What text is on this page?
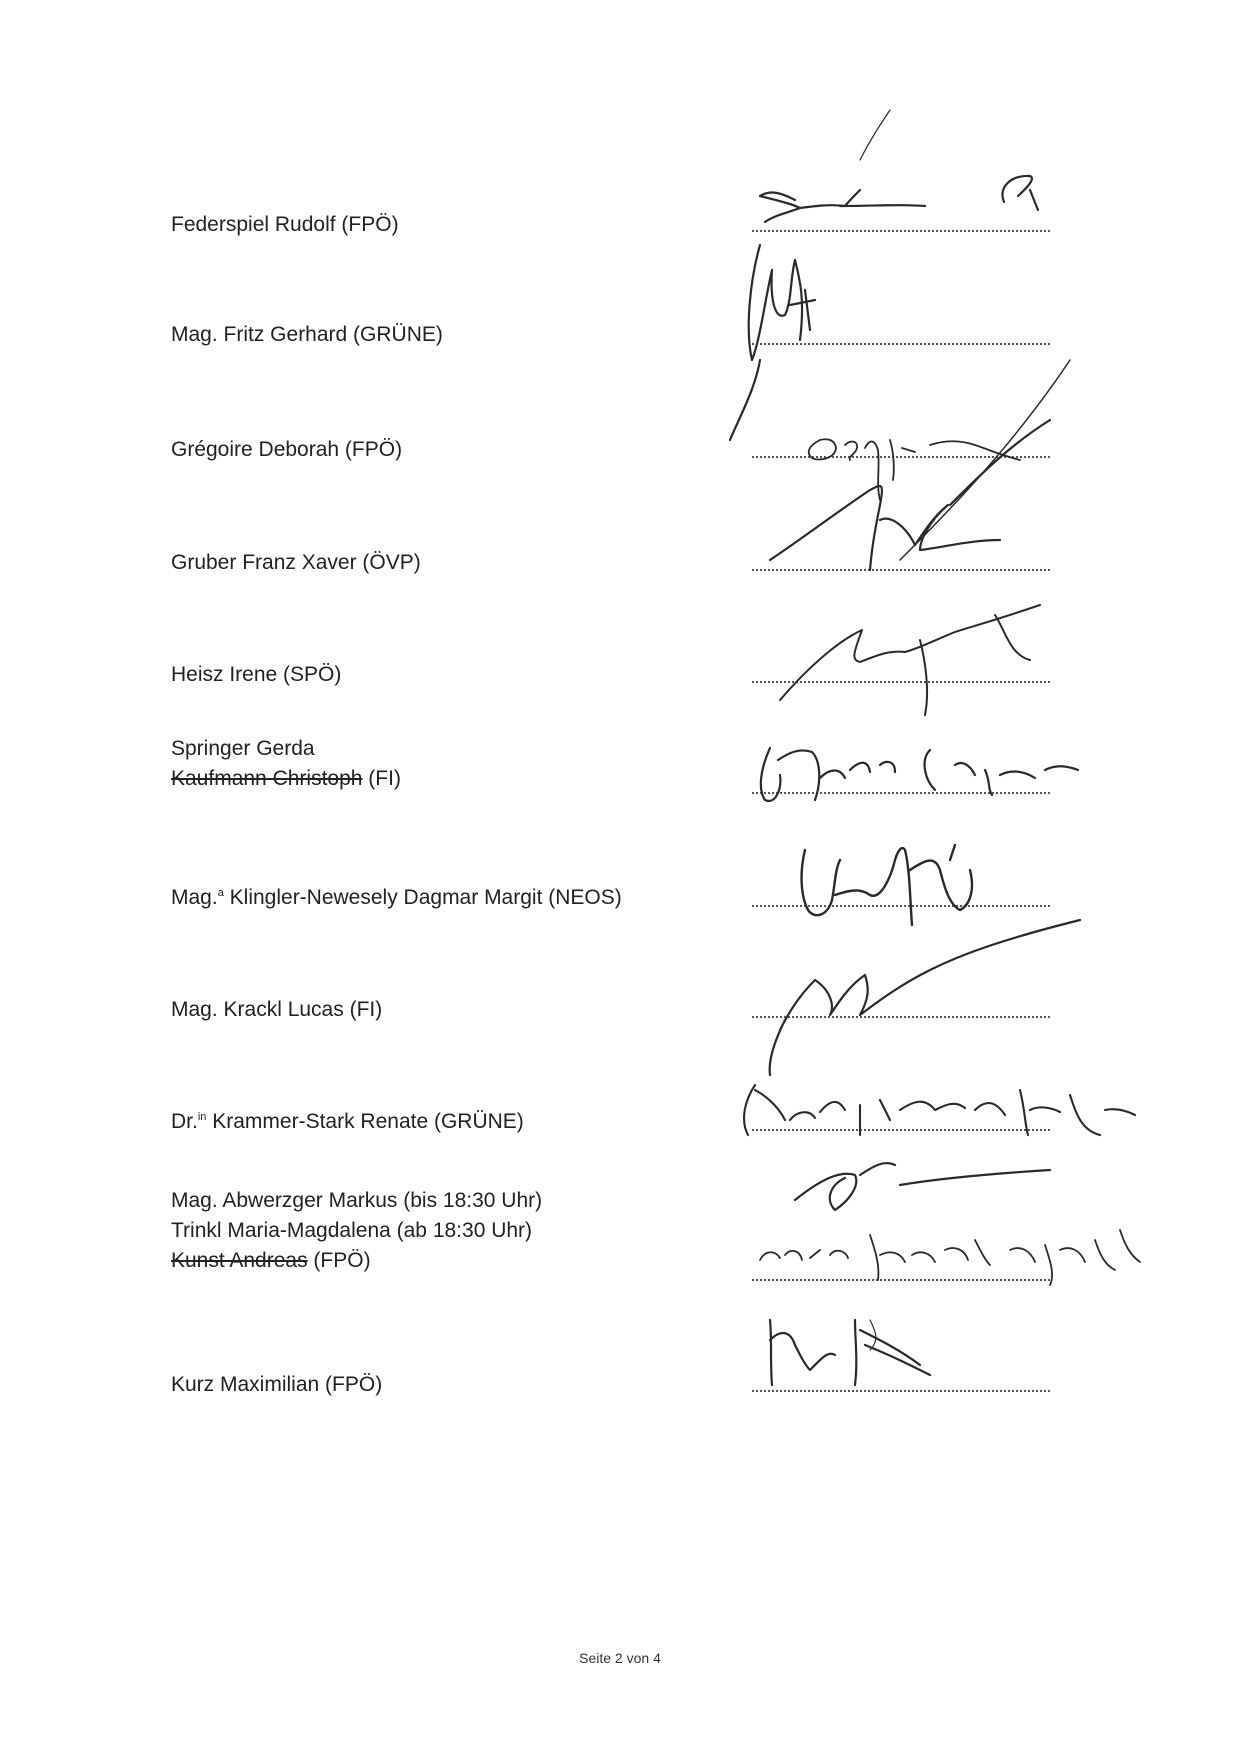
Federspiel Rudolf (FPÖ)
Mag. Fritz Gerhard (GRÜNE)
Grégoire Deborah (FPÖ)
Gruber Franz Xaver (ÖVP)
Heisz Irene (SPÖ)
Springer Gerda
Kaufmann Christoph (FI)
Mag.$^a$ Klingler-Newesely Dagmar Margit (NEOS)
Mag. Krackl Lucas (FI)
Dr.$^{in}$ Krammer-Stark Renate (GRÜNE)
Mag. Abwerzger Markus (bis 18:30 Uhr)
Trinkl Maria-Magdalena (ab 18:30 Uhr)
Kunst Andreas (FPÖ)
Kurz Maximilian (FPÖ)
Seite 2 von 4
